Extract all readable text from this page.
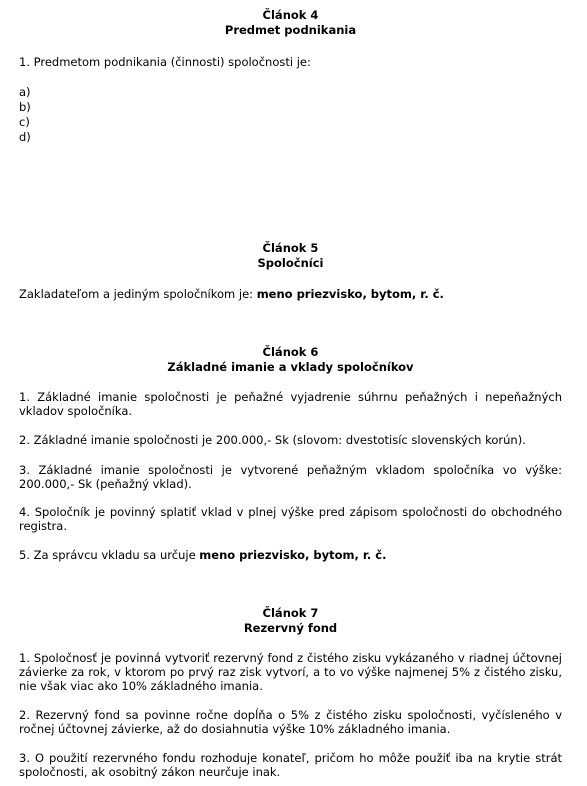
Článok 4
Predmet podnikania

1. Predmetom podnikania (činnosti) spoločnosti je:

a)
b)
c)
d)
Článok 5
Spoločníci

Zakladateľom a jediným spoločníkom je: meno priezvisko, bytom, r. č.

Článok 6
Základné imanie a vklady spoločníkov

1. Základné imanie spoločnosti je peňažné vyjadrenie súhrnu peňažných i nepeňažných vkladov spoločníka.

2. Základné imanie spoločnosti je 200.000,- Sk (slovom: dvestotisíc slovenských korún).

3. Základné imanie spoločnosti je vytvorené peňažným vkladom spoločníka vo výške: 200.000,- Sk (peňažný vklad).

4. Spoločník je povinný splatiť vklad v plnej výške pred zápisom spoločnosti do obchodného registra.

5. Za správcu vkladu sa určuje meno priezvisko, bytom, r. č.

Článok 7
Rezervný fond

1. Spoločnosť je povinná vytvoriť rezervný fond z čistého zisku vykázaného v riadnej účtovnej závierke za rok, v ktorom po prvý raz zisk vytvorí, a to vo výške najmenej 5% z čistého zisku, nie však viac ako 10% základného imania.

2. Rezervný fond sa povinne ročne dopĺňa o 5% z čistého zisku spoločnosti, vyčísleného v ročnej účtovnej závierke, až do dosiahnutia výške 10% základného imania.

3. O použití rezervného fondu rozhoduje konateľ, pričom ho môže použiť iba na krytie strát spoločnosti, ak osobitný zákon neurčuje inak.
